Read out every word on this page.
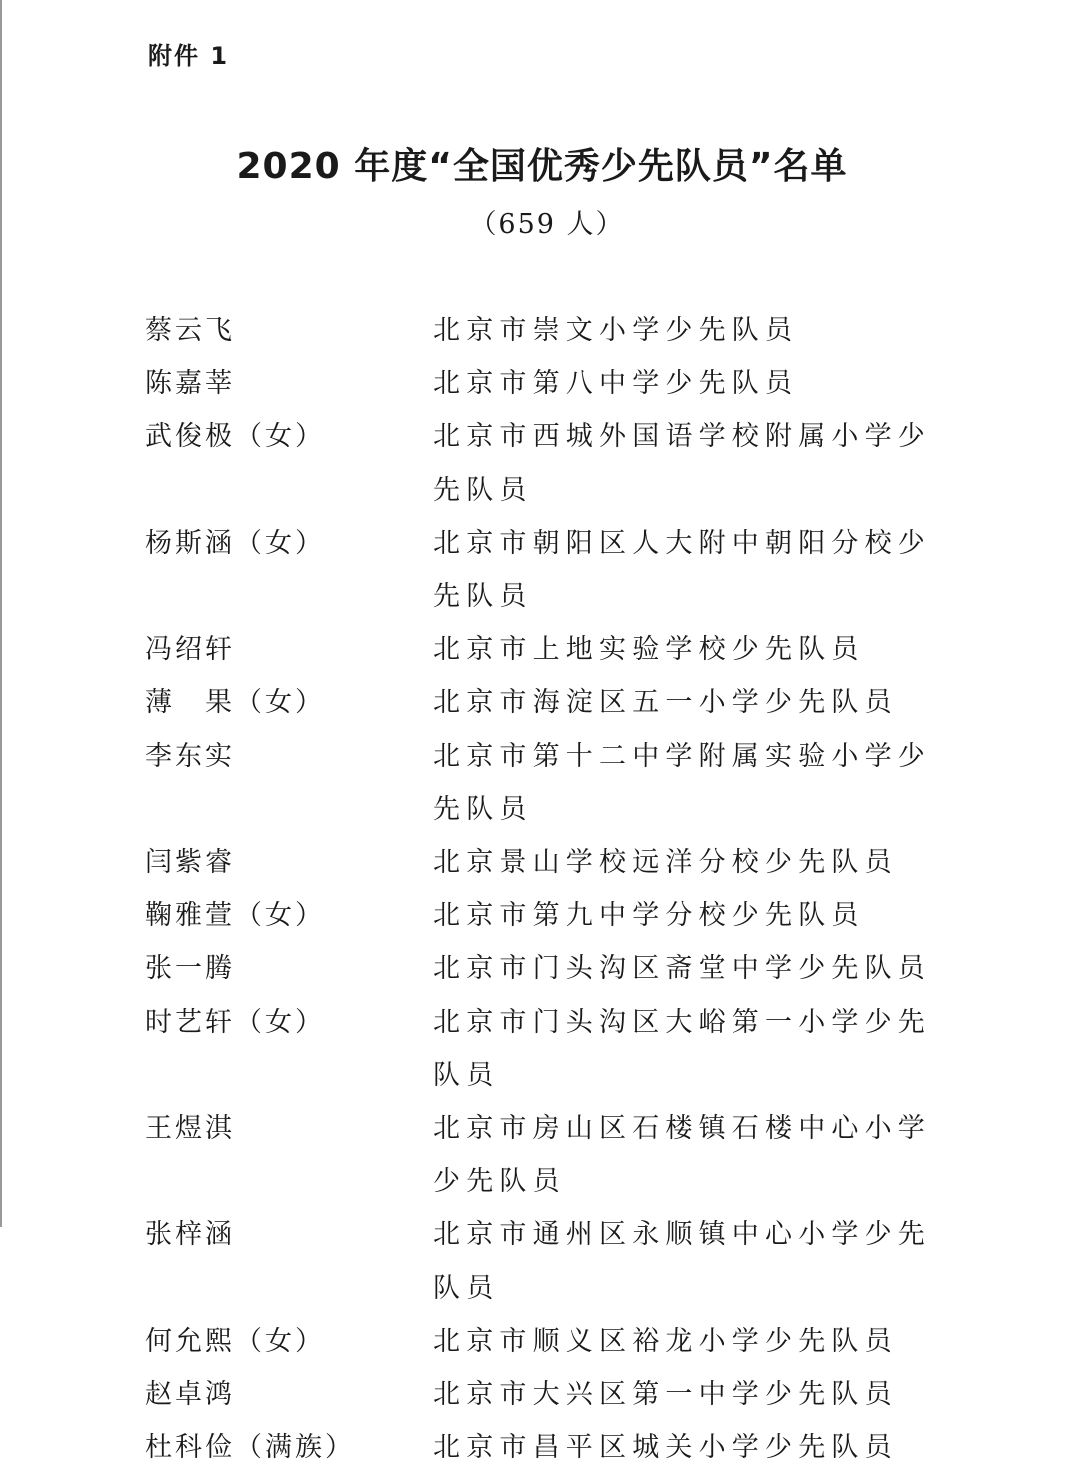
附件 1
2020 年度“全国优秀少先队员”名单
（659 人）
蔡云飞	北京市崇文小学少先队员
陈嘉莘	北京市第八中学少先队员
武俊极（女）	北京市西城外国语学校附属小学少先队员
杨斯涵（女）	北京市朝阳区人大附中朝阳分校少先队员
冯绍轩	北京市上地实验学校少先队员
薄　果（女）	北京市海淀区五一小学少先队员
李东实	北京市第十二中学附属实验小学少先队员
闫紫睿	北京景山学校远洋分校少先队员
鞠雅萱（女）	北京市第九中学分校少先队员
张一腾	北京市门头沟区斋堂中学少先队员
时艺轩（女）	北京市门头沟区大峪第一小学少先队员
王煜淇	北京市房山区石楼镇石楼中心小学少先队员
张梓涵	北京市通州区永顺镇中心小学少先队员
何允熙（女）	北京市顺义区裕龙小学少先队员
赵卓鸿	北京市大兴区第一中学少先队员
杜科俭（满族）	北京市昌平区城关小学少先队员
